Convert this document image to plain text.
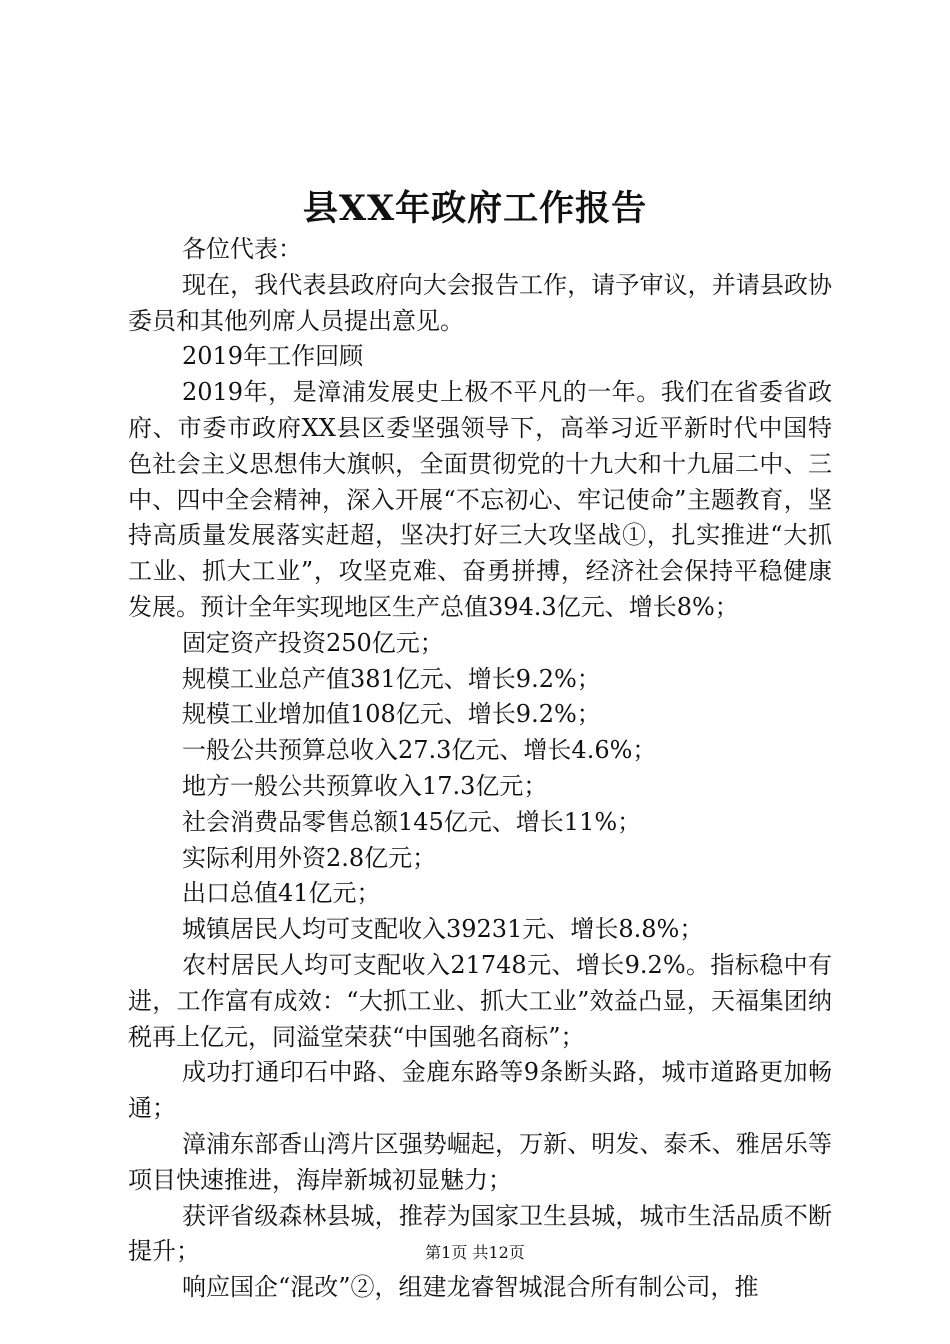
县XX年政府工作报告

各位代表：

现在，我代表县政府向大会报告工作，请予审议，并请县政协委员和其他列席人员提出意见。

2019年工作回顾

2019年，是漳浦发展史上极不平凡的一年。我们在省委省政府、市委市政府XX县区委坚强领导下，高举习近平新时代中国特色社会主义思想伟大旗帜，全面贯彻党的十九大和十九届二中、三中、四中全会精神，深入开展“不忘初心、牢记使命”主题教育，坚持高质量发展落实赶超，坚决打好三大攻坚战①，扎实推进“大抓工业、抓大工业”，攻坚克难、奋勇拼搏，经济社会保持平稳健康发展。预计全年实现地区生产总值394.3亿元、增长8%；

固定资产投资250亿元；

规模工业总产值381亿元、增长9.2%；

规模工业增加值108亿元、增长9.2%；

一般公共预算总收入27.3亿元、增长4.6%；

地方一般公共预算收入17.3亿元；

社会消费品零售总额145亿元、增长11%；

实际利用外资2.8亿元；

出口总值41亿元；

城镇居民人均可支配收入39231元、增长8.8%；

农村居民人均可支配收入21748元、增长9.2%。指标稳中有进，工作富有成效：“大抓工业、抓大工业”效益凸显，天福集团纳税再上亿元，同溢堂荣获“中国驰名商标”；

成功打通印石中路、金鹿东路等9条断头路，城市道路更加畅通；

漳浦东部香山湾片区强势崛起，万新、明发、泰禾、雅居乐等项目快速推进，海岸新城初显魅力；

获评省级森林县城，推荐为国家卫生县城，城市生活品质不断提升；

响应国企“混改”②，组建龙睿智城混合所有制公司，推

第1页 共12页
